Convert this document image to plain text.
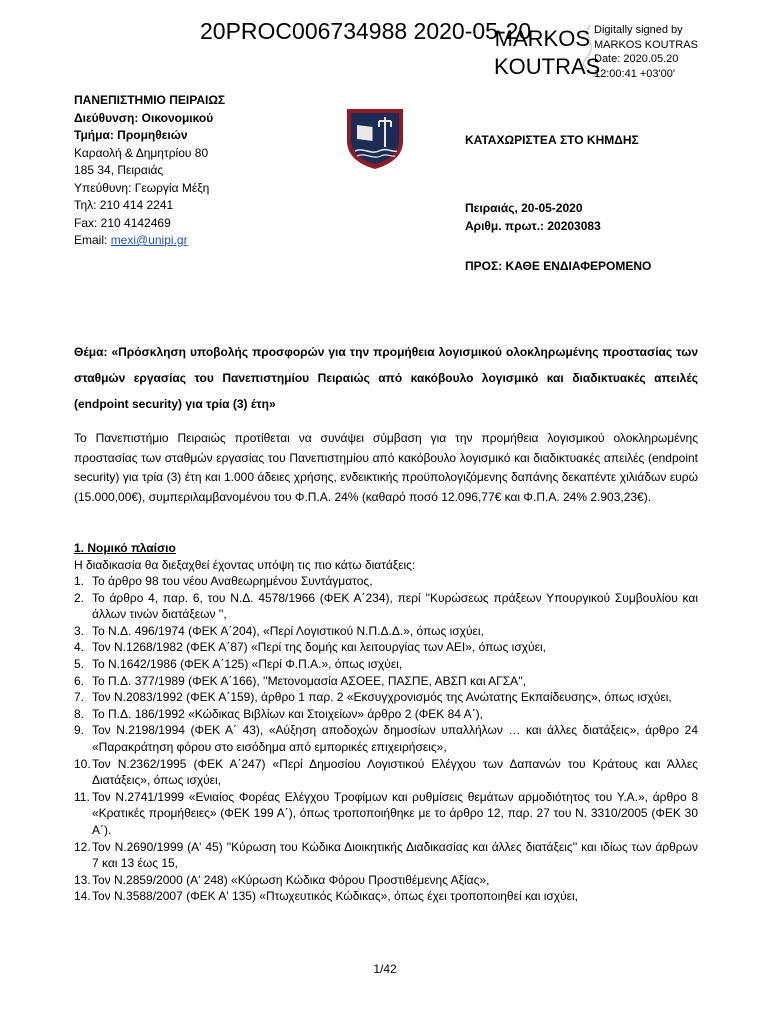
20PROC006734988 2020-05-20
MARKOS
KOUTRAS
Digitally signed by
MARKOS KOUTRAS
Date: 2020.05.20
12:00:41 +03'00'
ΠΑΝΕΠΙΣΤΗΜΙΟ ΠΕΙΡΑΙΩΣ
Διεύθυνση: Οικονομικού
Τμήμα: Προμηθειών
Καραολή & Δημητρίου 80
185 34, Πειραιάς
Υπεύθυνη: Γεωργία Μέξη
Τηλ: 210 414 2241
Fax: 210 4142469
Email: mexi@unipi.gr
ΚΑΤΑΧΩΡΙΣΤΕΑ ΣΤΟ ΚΗΜΔΗΣ
Πειραιάς, 20-05-2020
Αριθμ. πρωτ.: 20203083
ΠΡΟΣ: ΚΑΘΕ ΕΝΔΙΑΦΕΡΟΜΕΝΟ
Θέμα: «Πρόσκληση υποβολής προσφορών για την προμήθεια λογισμικού ολοκληρωμένης προστασίας των σταθμών εργασίας του Πανεπιστημίου Πειραιώς από κακόβουλο λογισμικό και διαδικτυακές απειλές (endpoint security) για τρία (3) έτη»
Το Πανεπιστήμιο Πειραιώς προτίθεται να συνάψει σύμβαση για την προμήθεια λογισμικού ολοκληρωμένης προστασίας των σταθμών εργασίας του Πανεπιστημίου από κακόβουλο λογισμικό και διαδικτυακές απειλές (endpoint security) για τρία (3) έτη και 1.000 άδειες χρήσης, ενδεικτικής προϋπολογιζόμενης δαπάνης δεκαπέντε χιλιάδων ευρώ (15.000,00€), συμπεριλαμβανομένου του Φ.Π.Α. 24% (καθαρό ποσό 12.096,77€ και Φ.Π.Α. 24% 2.903,23€).
1. Νομικό πλαίσιο
Η διαδικασία θα διεξαχθεί έχοντας υπόψη τις πιο κάτω διατάξεις:
1. Το άρθρο 98 του νέου Αναθεωρημένου Συντάγματος,
2. Το άρθρο 4, παρ. 6, του Ν.Δ. 4578/1966 (ΦΕΚ Α΄234), περί ''Κυρώσεως πράξεων Υπουργικού Συμβουλίου και άλλων τινών διατάξεων '',
3. Το Ν.Δ. 496/1974 (ΦΕΚ Α΄204), «Περί Λογιστικού Ν.Π.Δ.Δ.», όπως ισχύει,
4. Τον Ν.1268/1982 (ΦΕΚ Α΄87) «Περί της δομής και λειτουργίας των ΑΕΙ», όπως ισχύει,
5. Το Ν.1642/1986 (ΦΕΚ Α΄125) «Περί Φ.Π.Α.», όπως ισχύει,
6. Το Π.Δ. 377/1989 (ΦΕΚ Α΄166), ''Μετονομασία ΑΣΟΕΕ, ΠΑΣΠΕ, ΑΒΣΠ και ΑΓΣΑ'',
7. Τον Ν.2083/1992 (ΦΕΚ Α΄159), άρθρο 1 παρ. 2 «Εκσυγχρονισμός της Ανώτατης Εκπαίδευσης», όπως ισχύει,
8. Το Π.Δ. 186/1992 «Κώδικας Βιβλίων και Στοιχείων» άρθρο 2 (ΦΕΚ 84 Α΄),
9. Τον Ν.2198/1994 (ΦΕΚ Α΄ 43), «Αύξηση αποδοχών δημοσίων υπαλλήλων … και άλλες διατάξεις», άρθρο 24 «Παρακράτηση φόρου στο εισόδημα από εμπορικές επιχειρήσεις»,
10. Τον Ν.2362/1995 (ΦΕΚ Α΄247) «Περί Δημοσίου Λογιστικού Ελέγχου των Δαπανών του Κράτους και Άλλες Διατάξεις», όπως ισχύει,
11. Τον Ν.2741/1999 «Ενιαίος Φορέας Ελέγχου Τροφίμων και ρυθμίσεις θεμάτων αρμοδιότητος του Υ.Α.», άρθρο 8 «Κρατικές προμήθειες» (ΦΕΚ 199 Α΄), όπως τροποποιήθηκε με το άρθρο 12, παρ. 27 του Ν. 3310/2005 (ΦΕΚ 30 Α΄).
12. Τον Ν.2690/1999 (Α' 45) ''Κύρωση του Κώδικα Διοικητικής Διαδικασίας και άλλες διατάξεις'' και ιδίως των άρθρων 7 και 13 έως 15,
13. Τον Ν.2859/2000 (Α' 248) «Κύρωση Κώδικα Φόρου Προστιθέμενης Αξίας»,
14. Τον Ν.3588/2007 (ΦΕΚ Α' 135) «Πτωχευτικός Κώδικας», όπως έχει τροποποιηθεί και ισχύει,
1/42
